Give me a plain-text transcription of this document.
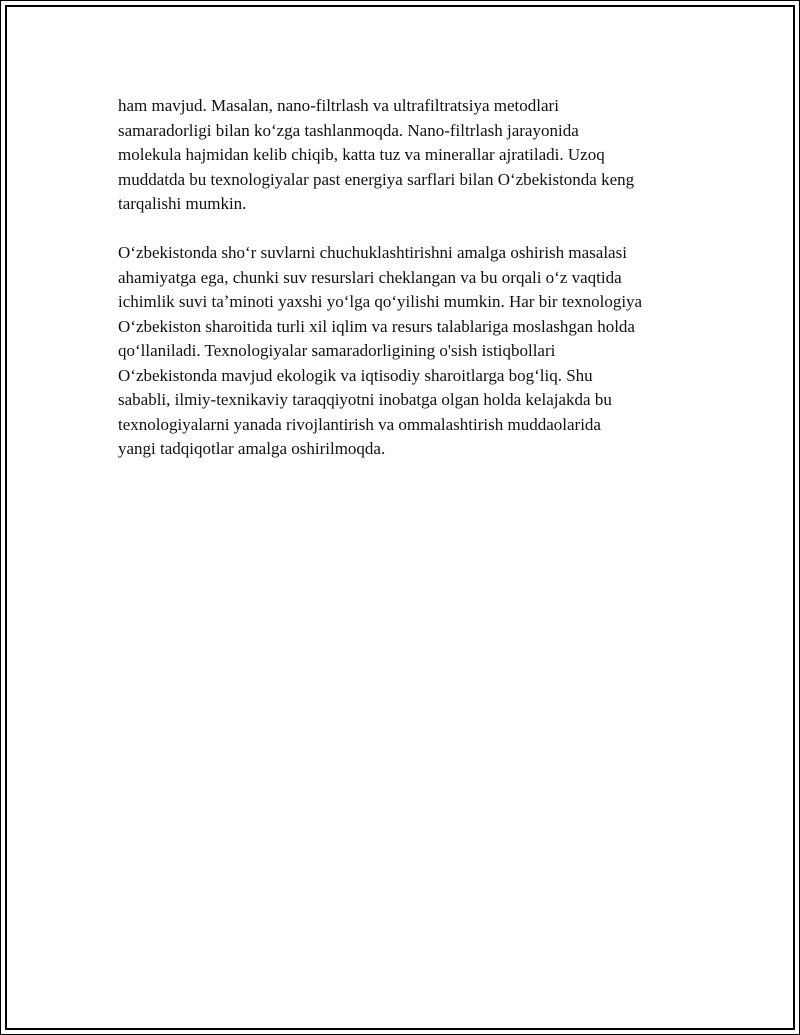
ham mavjud. Masalan, nano-filtrlash va ultrafiltratsiya metodlari
samaradorligi bilan koʻzga tashlanmoqda. Nano-filtrlash jarayonida
molekula hajmidan kelib chiqib, katta tuz va minerallar ajratiladi. Uzoq
muddatda bu texnologiyalar past energiya sarflari bilan Oʻzbekistonda keng
tarqalishi mumkin.

Oʻzbekistonda shoʻr suvlarni chuchuklashtirishni amalga oshirish masalasi
ahamiyatga ega, chunki suv resurslari cheklangan va bu orqali oʻz vaqtida
ichimlik suvi taʼminoti yaxshi yoʻlga qoʻyilishi mumkin. Har bir texnologiya
Oʻzbekiston sharoitida turli xil iqlim va resurs talablariga moslashgan holda
qoʻllaniladi. Texnologiyalar samaradorligining o'sish istiqbollari
Oʻzbekistonda mavjud ekologik va iqtisodiy sharoitlarga bogʻliq. Shu
sababli, ilmiy-texnikaviy taraqqiyotni inobatga olgan holda kelajakda bu
texnologiyalarni yanada rivojlantirish va ommalashtirish muddaolarida
yangi tadqiqotlar amalga oshirilmoqda.
